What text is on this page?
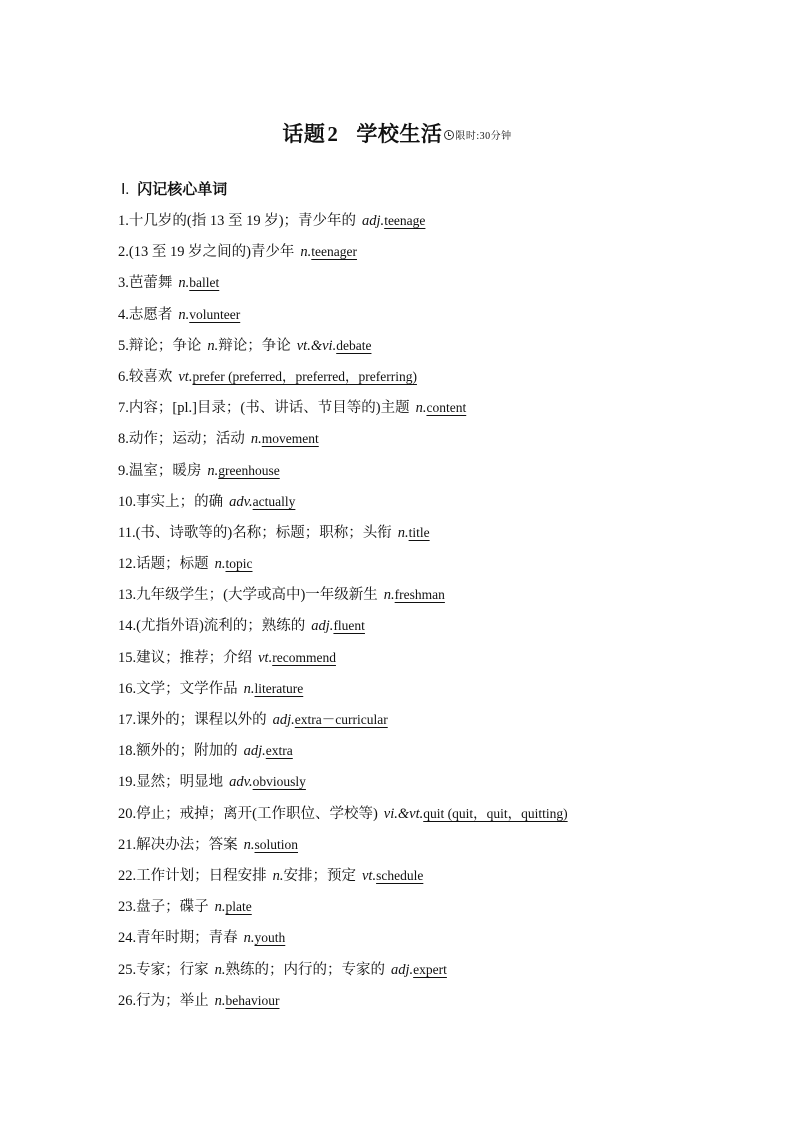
话题2 学校生活 限时:30分钟
Ⅰ. 闪记核心单词
1.十几岁的(指 13 至 19 岁)；青少年的 adj.teenage
2.(13 至 19 岁之间的)青少年 n.teenager
3.芭蕾舞 n.ballet
4.志愿者 n.volunteer
5.辩论；争论 n.辩论；争论 vt.&vi.debate
6.较喜欢 vt.prefer (preferred，preferred，preferring)
7.内容；[pl.]目录；(书、讲话、节目等的)主题 n.content
8.动作；运动；活动 n.movement
9.温室；暖房 n.greenhouse
10.事实上；的确 adv.actually
11.(书、诗歌等的)名称；标题；职称；头衔 n.title
12.话题；标题 n.topic
13.九年级学生；(大学或高中)一年级新生 n.freshman
14.(尤指外语)流利的；熟练的 adj.fluent
15.建议；推荐；介绍 vt.recommend
16.文学；文学作品 n.literature
17.课外的；课程以外的 adj.extra－curricular
18.额外的；附加的 adj.extra
19.显然；明显地 adv.obviously
20.停止；戒掉；离开(工作职位、学校等) vi.&vt.quit (quit，quit，quitting)
21.解决办法；答案 n.solution
22.工作计划；日程安排 n.安排；预定 vt.schedule
23.盘子；碟子 n.plate
24.青年时期；青春 n.youth
25.专家；行家 n.熟练的；内行的；专家的 adj.expert
26.行为；举止 n.behaviour
